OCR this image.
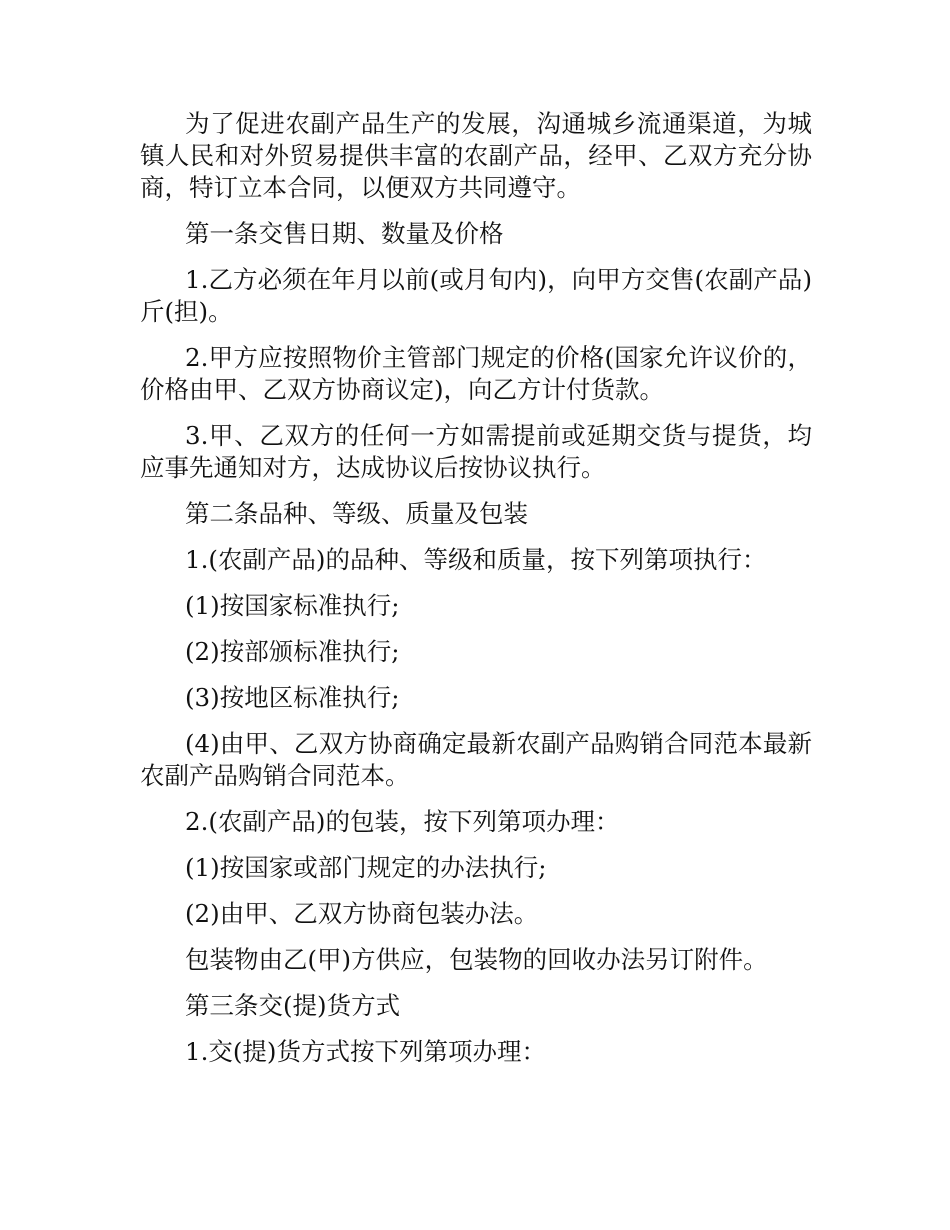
为了促进农副产品生产的发展，沟通城乡流通渠道，为城镇人民和对外贸易提供丰富的农副产品，经甲、乙双方充分协商，特订立本合同，以便双方共同遵守。

第一条交售日期、数量及价格

1.乙方必须在年月以前(或月旬内)，向甲方交售(农副产品)斤(担)。

2.甲方应按照物价主管部门规定的价格(国家允许议价的，价格由甲、乙双方协商议定)，向乙方计付货款。

3.甲、乙双方的任何一方如需提前或延期交货与提货，均应事先通知对方，达成协议后按协议执行。

第二条品种、等级、质量及包装

1.(农副产品)的品种、等级和质量，按下列第项执行：

(1)按国家标准执行;

(2)按部颁标准执行;

(3)按地区标准执行;

(4)由甲、乙双方协商确定最新农副产品购销合同范本最新农副产品购销合同范本。

2.(农副产品)的包装，按下列第项办理：

(1)按国家或部门规定的办法执行;

(2)由甲、乙双方协商包装办法。

包装物由乙(甲)方供应，包装物的回收办法另订附件。

第三条交(提)货方式

1.交(提)货方式按下列第项办理：
